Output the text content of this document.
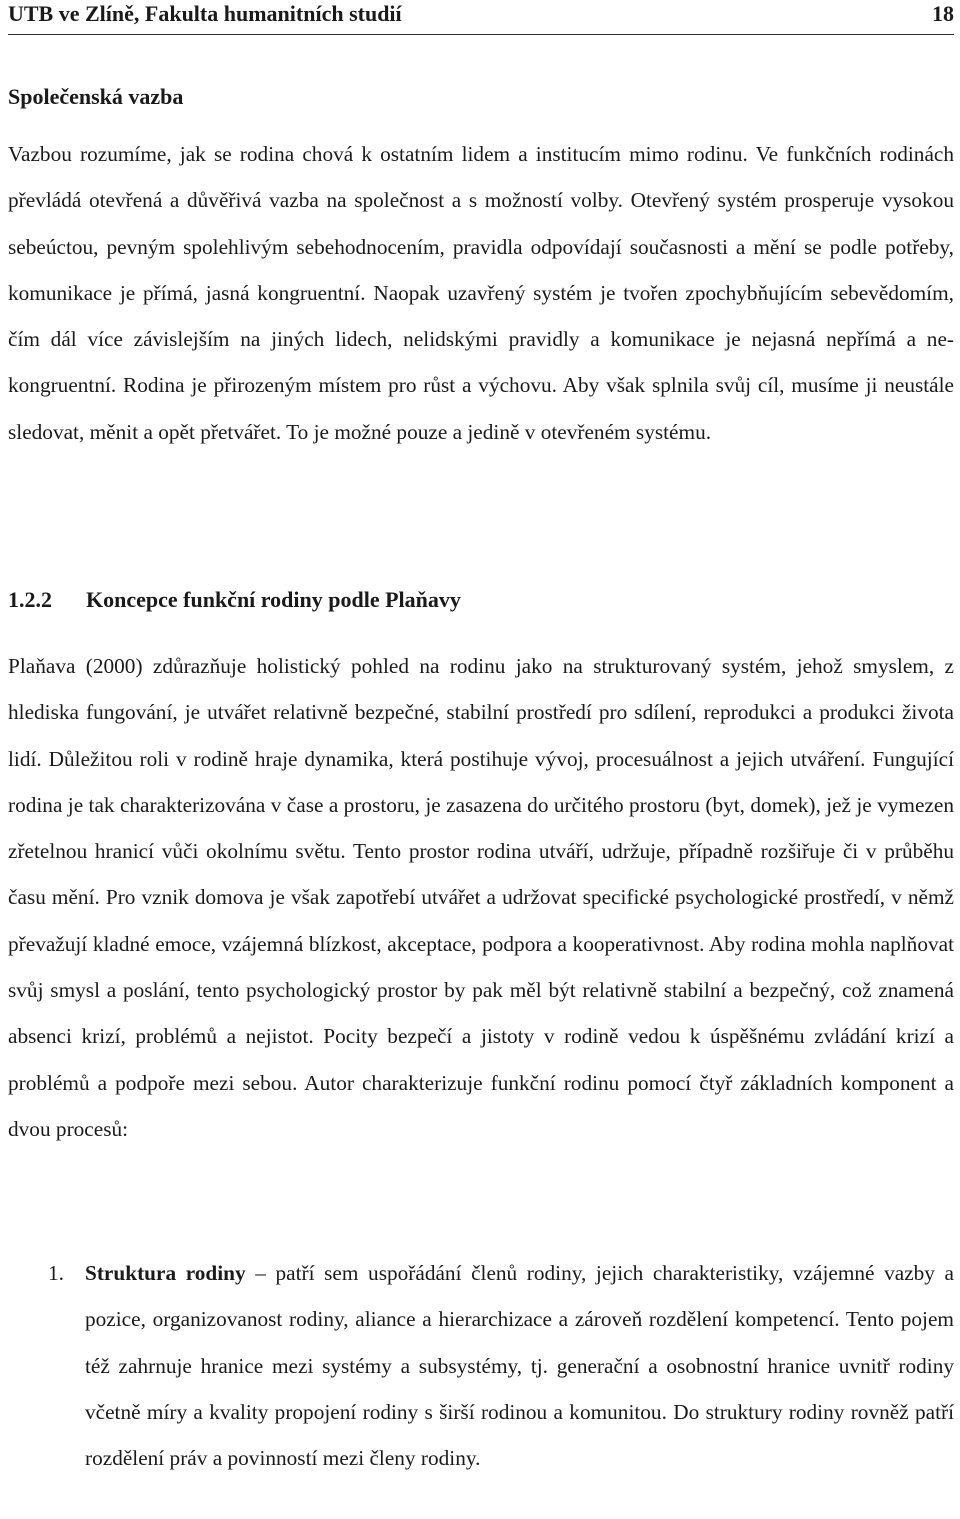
UTB ve Zlíně, Fakulta humanitních studií	18
Společenská vazba
Vazbou rozumíme, jak se rodina chová k ostatním lidem a institucím mimo rodinu. Ve funkčních rodinách převládá otevřená a důvěřivá vazba na společnost a s možností volby. Otevřený systém prosperuje vysokou sebeúctou, pevným spolehlivým sebehodnocením, pravidla odpovídají současnosti a mění se podle potřeby, komunikace je přímá, jasná kongruentní. Naopak uzavřený systém je tvořen zpochybňujícím sebevědomím, čím dál více závislejším na jiných lidech, nelidskými pravidly a komunikace je nejasná nepřímá a nekongruentní. Rodina je přirozeným místem pro růst a výchovu. Aby však splnila svůj cíl, musíme ji neustále sledovat, měnit a opět přetvářet. To je možné pouze a jedině v otevřeném systému.
1.2.2 Koncepce funkční rodiny podle Plaňavy
Plaňava (2000) zdůrazňuje holistický pohled na rodinu jako na strukturovaný systém, jehož smyslem, z hlediska fungování, je utvářet relativně bezpečné, stabilní prostředí pro sdílení, reprodukci a produkci života lidí. Důležitou roli v rodině hraje dynamika, která postihuje vývoj, procesuálnost a jejich utváření. Fungující rodina je tak charakterizována v čase a prostoru, je zasazena do určitého prostoru (byt, domek), jež je vymezen zřetelnou hranicí vůči okolnímu světu. Tento prostor rodina utváří, udržuje, případně rozšiřuje či v průběhu času mění. Pro vznik domova je však zapotřebí utvářet a udržovat specifické psychologické prostředí, v němž převažují kladné emoce, vzájemná blízkost, akceptace, podpora a kooperativnost. Aby rodina mohla naplňovat svůj smysl a poslání, tento psychologický prostor by pak měl být relativně stabilní a bezpečný, což znamená absenci krizí, problémů a nejistot. Pocity bezpečí a jistoty v rodině vedou k úspěšnému zvládání krizí a problémů a podpoře mezi sebou. Autor charakterizuje funkční rodinu pomocí čtyř základních komponent a dvou procesů:
1. Struktura rodiny – patří sem uspořádání členů rodiny, jejich charakteristiky, vzájemné vazby a pozice, organizovanost rodiny, aliance a hierarchizace a zároveň rozdělení kompetencí. Tento pojem též zahrnuje hranice mezi systémy a subsystémy, tj. generační a osobnostní hranice uvnitř rodiny včetně míry a kvality propojení rodiny s širší rodinou a komunitou. Do struktury rodiny rovněž patří rozdělení práv a povinností mezi členy rodiny.
